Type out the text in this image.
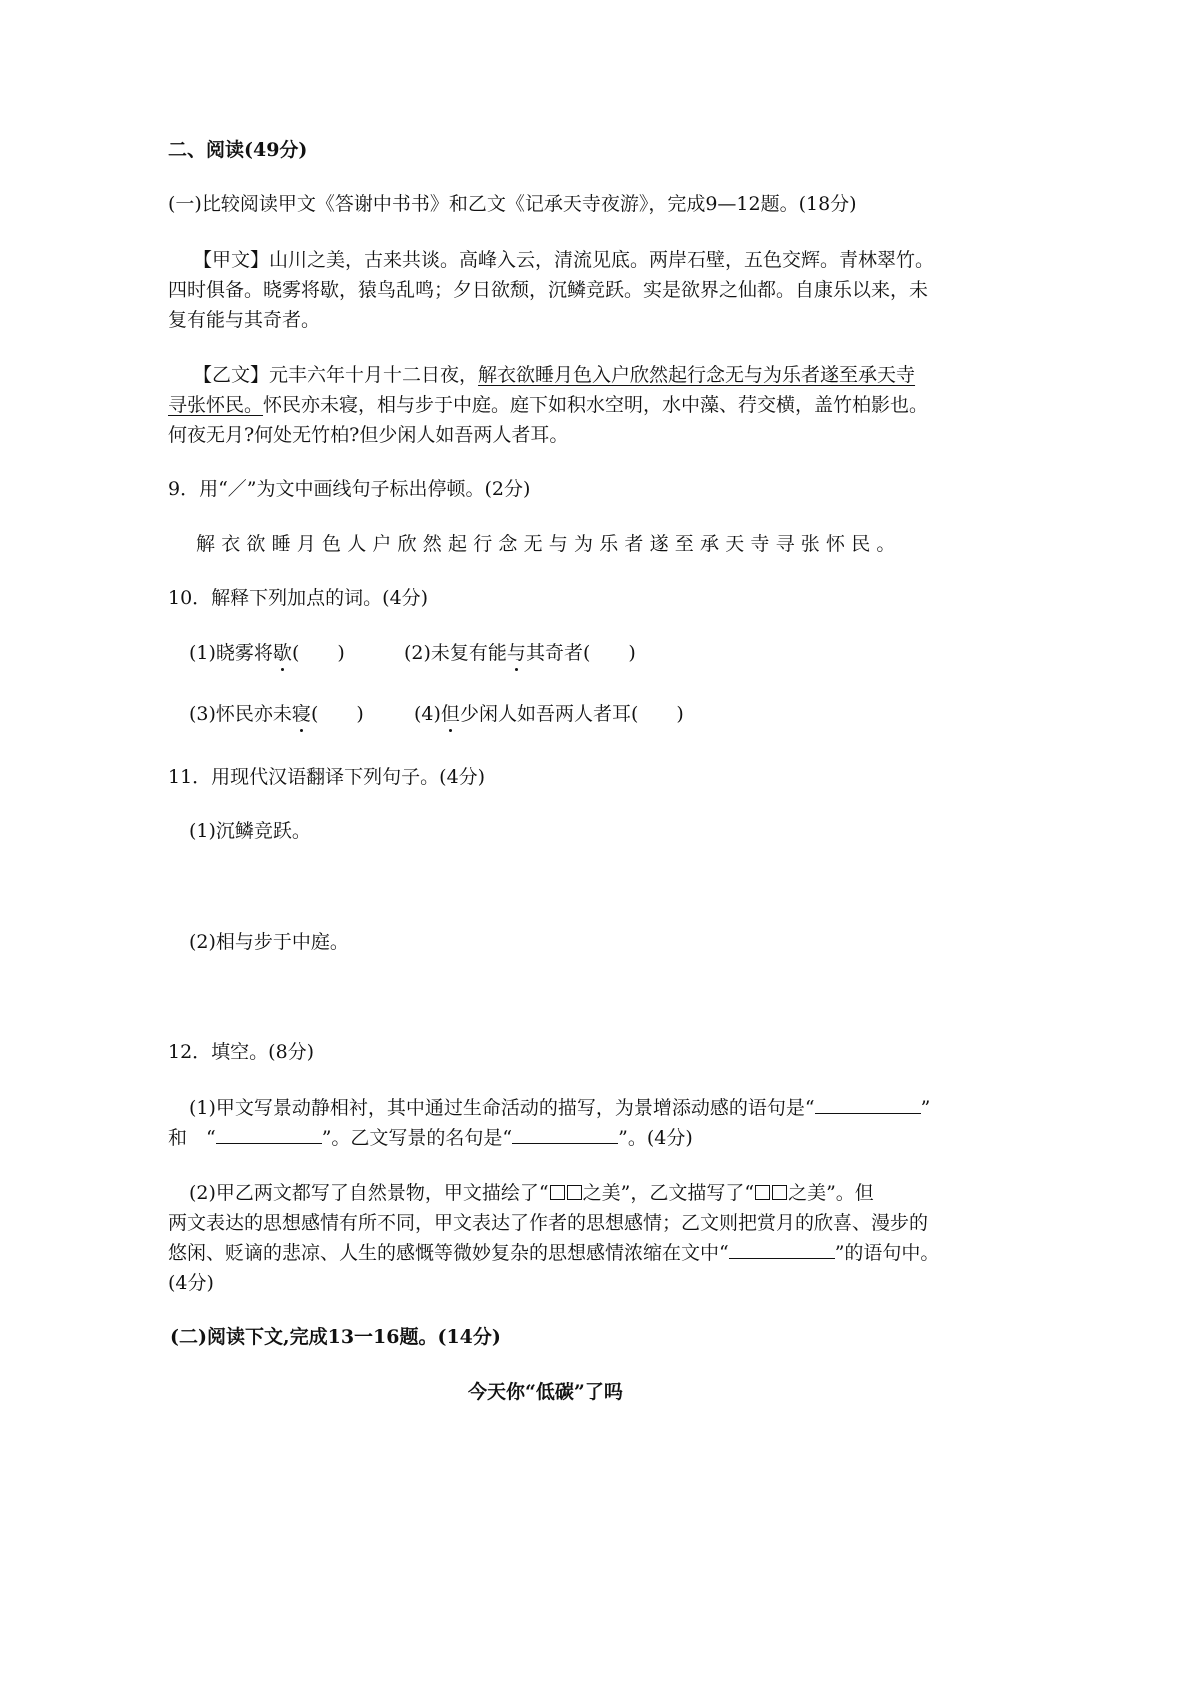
二、阅读(49分)
(一)比较阅读甲文《答谢中书书》和乙文《记承天寺夜游》，完成9—12题。(18分)
【甲文】山川之美，古来共谈。高峰入云，清流见底。两岸石壁，五色交辉。青林翠竹。
四时俱备。晓雾将歇，猿鸟乱鸣；夕日欲颓，沉鳞竞跃。实是欲界之仙都。自康乐以来，未
复有能与其奇者。
【乙文】元丰六年十月十二日夜，解衣欲睡月色入户欣然起行念无与为乐者遂至承天寺
寻张怀民。怀民亦未寝，相与步于中庭。庭下如积水空明，水中藻、荇交横，盖竹柏影也。
何夜无月?何处无竹柏?但少闲人如吾两人者耳。
9．用“／”为文中画线句子标出停顿。(2分)
解衣欲睡月色人户欣然起行念无与为乐者遂至承天寺寻张怀民。
10．解释下列加点的词。(4分)
(1)晓雾将歇(　　)	(2)未复有能与其奇者(　　)
(3)怀民亦未寝(　　)	(4)但少闲人如吾两人者耳(　　)
11．用现代汉语翻译下列句子。(4分)
(1)沉鳞竞跃。
(2)相与步于中庭。
12．填空。(8分)
(1)甲文写景动静相衬，其中通过生命活动的描写，为景增添动感的语句是“	”
和　“	”。乙文写景的名句是“	”。(4分)
(2)甲乙两文都写了自然景物，甲文描绘了“ 之美”，乙文描写了“ 之美”。但
两文表达的思想感情有所不同，甲文表达了作者的思想感情；乙文则把赏月的欣喜、漫步的
悠闲、贬谪的悲凉、人生的感慨等微妙复杂的思想感情浓缩在文中“	”的语句中。
(4分)
(二)阅读下文,完成13一16题。(14分)
今天你“低碳”了吗
